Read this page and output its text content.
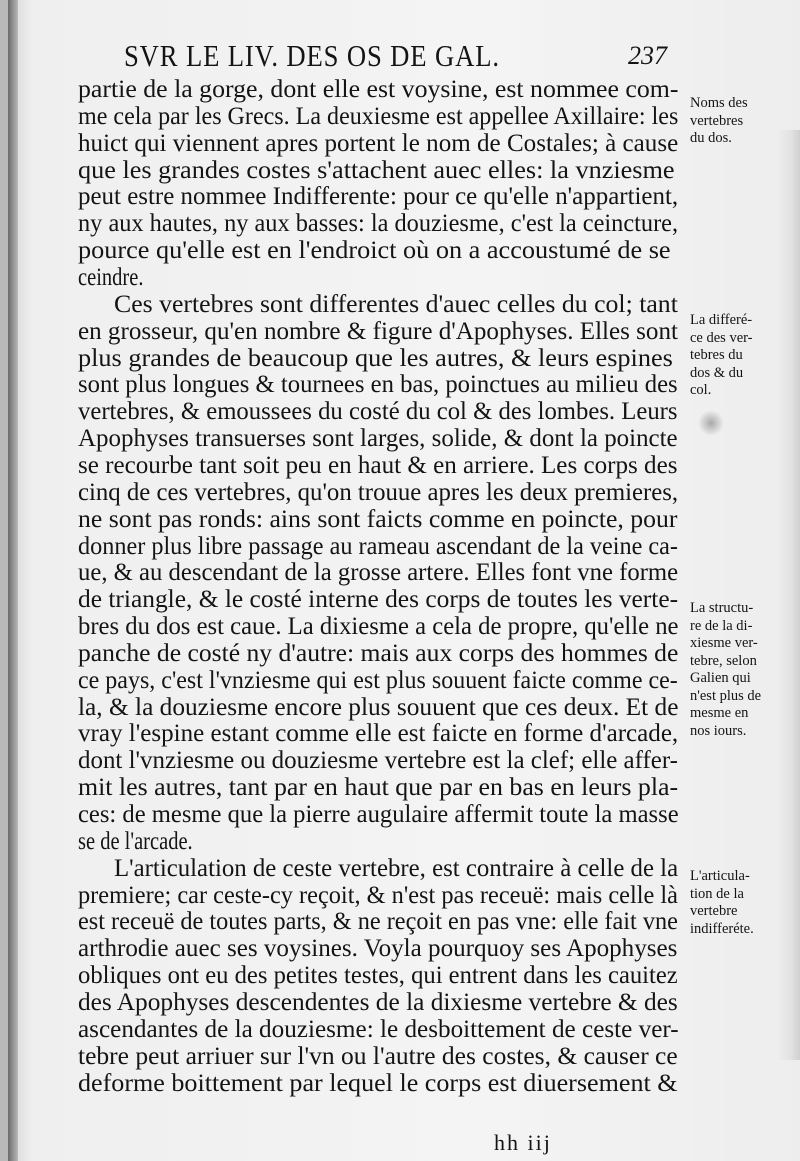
SVR LE LIV. DES OS DE GAL.	237
partie de la gorge, dont elle est voysine, est nommee com-
me cela par les Grecs. La deuxiesme est appellee Axillaire: les
huict qui viennent apres portent le nom de Costales; à cause
que les grandes costes s'attachent auec elles: la vnziesme
peut estre nommee Indifferente: pour ce qu'elle n'appartient,
ny aux hautes, ny aux basses: la douziesme, c'est la ceincture,
pource qu'elle est en l'endroict où on a accoustumé de se
ceindre.
Ces vertebres sont differentes d'auec celles du col; tant
en grosseur, qu'en nombre & figure d'Apophyses. Elles sont
plus grandes de beaucoup que les autres, & leurs espines
sont plus longues & tournees en bas, poinctues au milieu des
vertebres, & emoussees du costé du col & des lombes. Leurs
Apophyses transuerses sont larges, solide, & dont la poincte
se recourbe tant soit peu en haut & en arriere. Les corps des
cinq de ces vertebres, qu'on trouue apres les deux premieres,
ne sont pas ronds: ains sont faicts comme en poincte, pour
donner plus libre passage au rameau ascendant de la veine ca-
ue, & au descendant de la grosse artere. Elles font vne forme
de triangle, & le costé interne des corps de toutes les verte-
bres du dos est caue. La dixiesme a cela de propre, qu'elle ne
panche de costé ny d'autre: mais aux corps des hommes de
ce pays, c'est l'vnziesme qui est plus souuent faicte comme ce-
la, & la douziesme encore plus souuent que ces deux. Et de
vray l'espine estant comme elle est faicte en forme d'arcade,
dont l'vnziesme ou douziesme vertebre est la clef; elle affer-
mit les autres, tant par en haut que par en bas en leurs pla-
ces: de mesme que la pierre augulaire affermit toute la masse
se de l'arcade.
L'articulation de ceste vertebre, est contraire à celle de la
premiere; car ceste-cy reçoit, & n'est pas receuë: mais celle là
est receuë de toutes parts, & ne reçoit en pas vne: elle fait vne
arthrodie auec ses voysines. Voyla pourquoy ses Apophyses
obliques ont eu des petites testes, qui entrent dans les cauitez
des Apophyses descendentes de la dixiesme vertebre & des
ascendantes de la douziesme: le desboittement de ceste ver-
tebre peut arriuer sur l'vn ou l'autre des costes, & causer ce
deforme boittement par lequel le corps est diuersement &
Noms des
vertebres
du dos.
La differé-
ce des ver-
tebres du
dos & du
col.
La structu-
re de la di-
xiesme ver-
tebre, selon
Galien qui
n'est plus de
mesme en
nos iours.
L'articula-
tion de la
vertebre
indifferéte.
hh iij
